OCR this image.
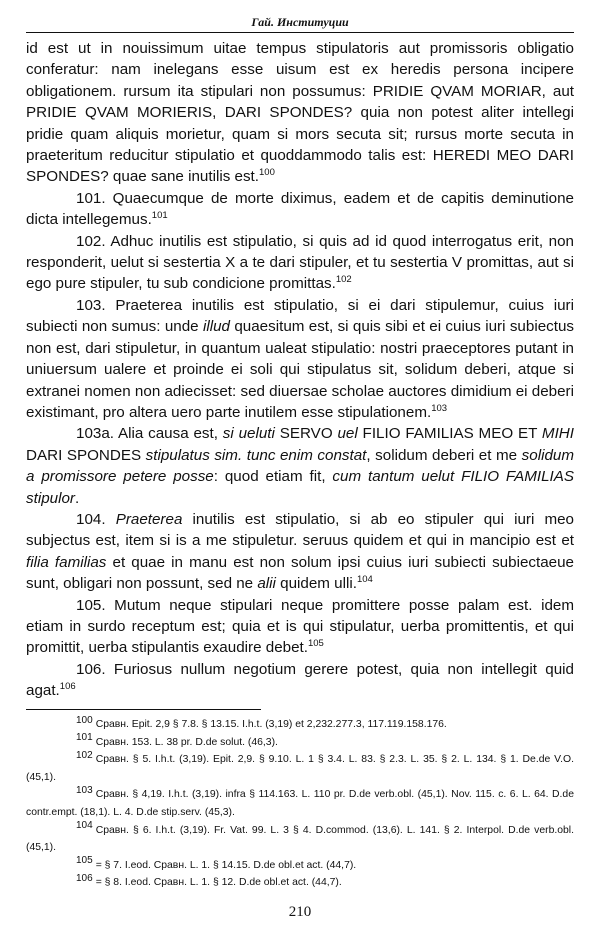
Гай. Институции

id est ut in nouissimum uitae tempus stipulatoris aut promissoris obligatio conferatur: nam inelegans esse uisum est ex heredis persona incipere obligationem. rursum ita stipulari non possumus: PRIDIE QVAM MORIAR, aut PRIDIE QVAM MORIERIS, DARI SPONDES? quia non potest aliter intellegi pridie quam aliquis morietur, quam si mors secuta sit; rursus morte secuta in praeteritum reducitur stipulatio et quoddammodo talis est: HEREDI MEO DARI SPONDES? quae sane inutilis est.$^{100}$

101. Quaecumque de morte diximus, eadem et de capitis deminutione dicta intellegemus.$^{101}$

102. Adhuc inutilis est stipulatio, si quis ad id quod interrogatus erit, non responderit, uelut si sestertia X a te dari stipuler, et tu sestertia V promittas, aut si ego pure stipuler, tu sub condicione promittas.$^{102}$

103. Praeterea inutilis est stipulatio, si ei dari stipulemur, cuius iuri subiecti non sumus: unde illud quaesitum est, si quis sibi et ei cuius iuri subiectus non est, dari stipuletur, in quantum ualeat stipulatio: nostri praeceptores putant in uniuersum ualere et proinde ei soli qui stipulatus sit, solidum deberi, atque si extranei nomen non adiecisset: sed diuersae scholae auctores dimidium ei deberi existimant, pro altera uero parte inutilem esse stipulationem.$^{103}$

103a. Alia causa est, si ueluti SERVO uel FILIO FAMILIAS MEO ET MIHI DARI SPONDES stipulatus sim. tunc enim constat, solidum deberi et me solidum a promissore petere posse: quod etiam fit, cum tantum uelut FILIO FAMILIAS stipulor.

104. Praeterea inutilis est stipulatio, si ab eo stipuler qui iuri meo subjectus est, item si is a me stipuletur. seruus quidem et qui in mancipio est et filia familias et quae in manu est non solum ipsi cuius iuri subiecti subiectaeue sunt, obligari non possunt, sed ne alii quidem ulli.$^{104}$

105. Mutum neque stipulari neque promittere posse palam est. idem etiam in surdo receptum est; quia et is qui stipulatur, uerba promittentis, et qui promittit, uerba stipulantis exaudire debet.$^{105}$

106. Furiosus nullum negotium gerere potest, quia non intellegit quid agat.$^{106}$

100 Сравн. Epit. 2,9 § 7.8. § 13.15. I.h.t. (3,19) et 2,232.277.3, 117.119.158.176.

101 Сравн. 153. L. 38 pr. D.de solut. (46,3).

102 Сравн. § 5. I.h.t. (3,19). Epit. 2,9. § 9.10. L. 1 § 3.4. L. 83. § 2.3. L. 35. § 2. L. 134. § 1. De.de V.O. (45,1).

103 Сравн. § 4,19. I.h.t. (3,19). infra § 114.163. L. 110 pr. D.de verb.obl. (45,1). Nov. 115. c. 6. L. 64. D.de contr.empt. (18,1). L. 4. D.de stip.serv. (45,3).

104 Сравн. § 6. I.h.t. (3,19). Fr. Vat. 99. L. 3 § 4. D.commod. (13,6). L. 141. § 2. Interpol. D.de verb.obl. (45,1).

105 = § 7. I.eod. Сравн. L. 1. § 14.15. D.de obl.et act. (44,7).

106 = § 8. I.eod. Сравн. L. 1. § 12. D.de obl.et act. (44,7).

210
